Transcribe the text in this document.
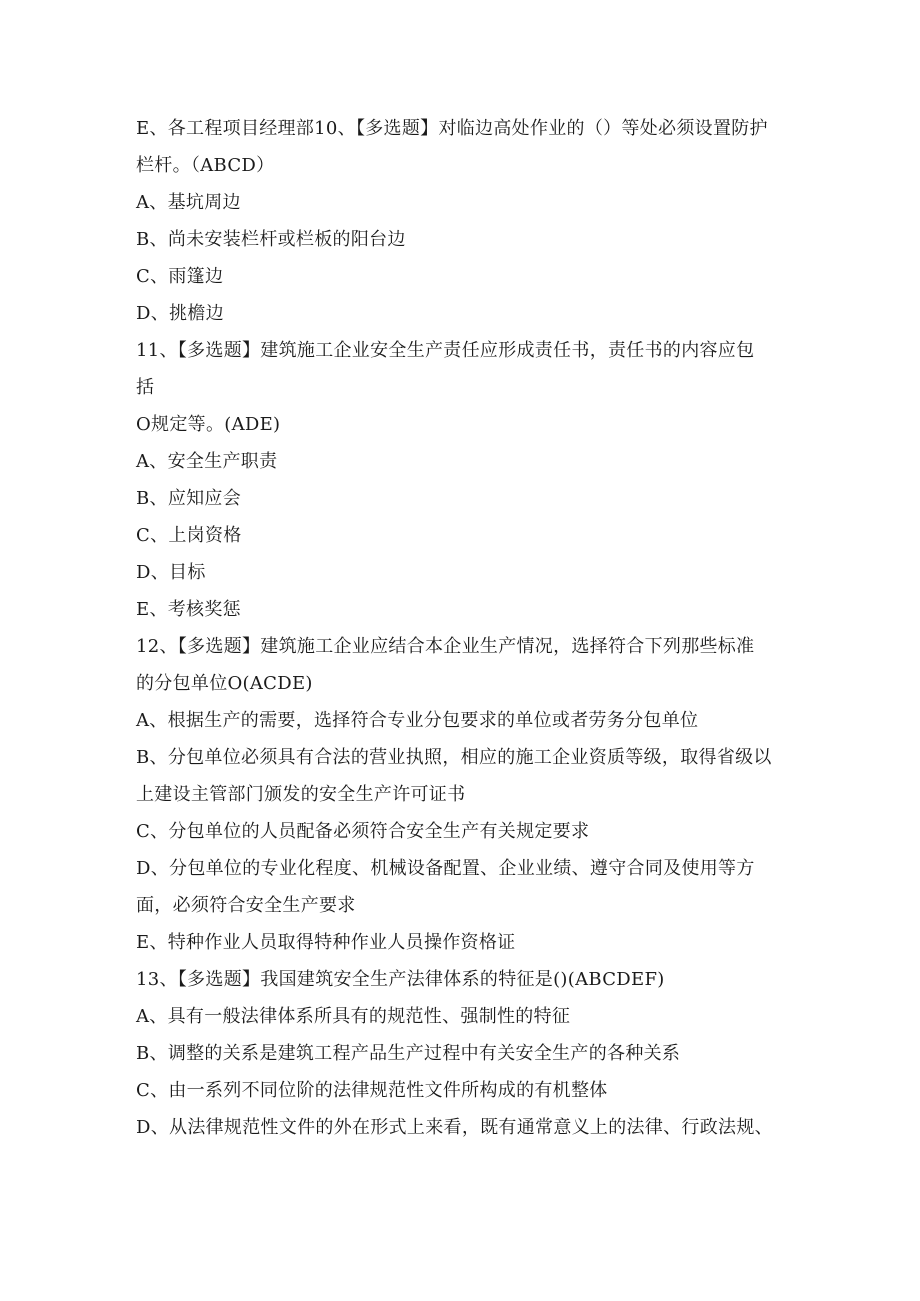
E、各工程项目经理部10、【多选题】对临边高处作业的（）等处必须设置防护
栏杆。（ABCD）
A、基坑周边
B、尚未安装栏杆或栏板的阳台边
C、雨篷边
D、挑檐边
11、【多选题】建筑施工企业安全生产责任应形成责任书，责任书的内容应包
括
O规定等。(ADE)
A、安全生产职责
B、应知应会
C、上岗资格
D、目标
E、考核奖惩
12、【多选题】建筑施工企业应结合本企业生产情况，选择符合下列那些标准
的分包单位O(ACDE)
A、根据生产的需要，选择符合专业分包要求的单位或者劳务分包单位
B、分包单位必须具有合法的营业执照，相应的施工企业资质等级，取得省级以
上建设主管部门颁发的安全生产许可证书
C、分包单位的人员配备必须符合安全生产有关规定要求
D、分包单位的专业化程度、机械设备配置、企业业绩、遵守合同及使用等方
面，必须符合安全生产要求
E、特种作业人员取得特种作业人员操作资格证
13、【多选题】我国建筑安全生产法律体系的特征是()(ABCDEF)
A、具有一般法律体系所具有的规范性、强制性的特征
B、调整的关系是建筑工程产品生产过程中有关安全生产的各种关系
C、由一系列不同位阶的法律规范性文件所构成的有机整体
D、从法律规范性文件的外在形式上来看，既有通常意义上的法律、行政法规、
